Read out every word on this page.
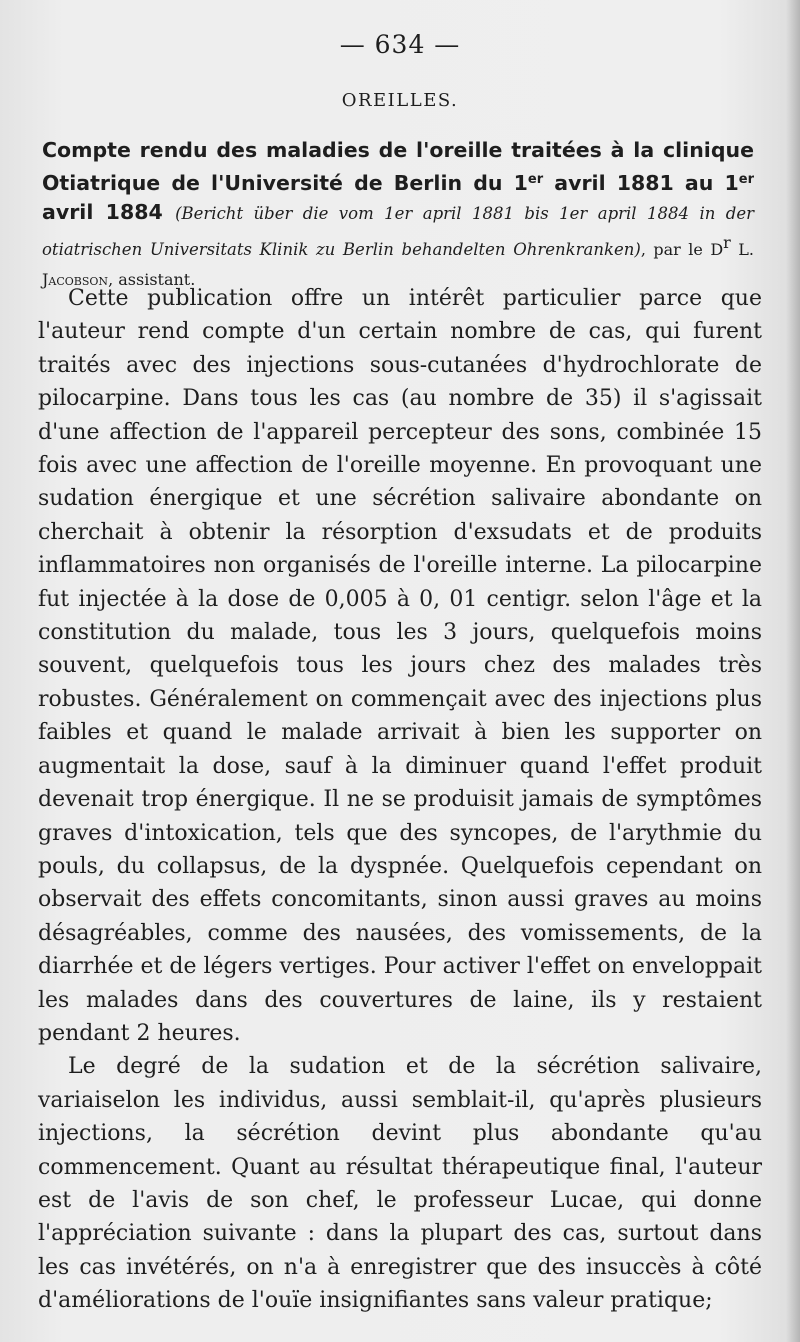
— 634 —
OREILLES.
Compte rendu des maladies de l'oreille traitées à la clinique Otiatrique de l'Université de Berlin du 1er avril 1881 au 1er avril 1884 (Bericht über die vom 1er april 1881 bis 1er april 1884 in der otiatrischen Universitats Klinik zu Berlin behandelten Ohrenkranken), par le $D^r$ L. Jacobson, assistant.

Cette publication offre un intérêt particulier parce que l'auteur rend compte d'un certain nombre de cas, qui furent traités avec des injections sous-cutanées d'hydrochlorate de pilocarpine. Dans tous les cas (au nombre de 35) il s'agissait d'une affection de l'appareil percepteur des sons, combinée 15 fois avec une affection de l'oreille moyenne. En provoquant une sudation énergique et une sécrétion salivaire abondante on cherchait à obtenir la résorption d'exsudats et de produits inflammatoires non organisés de l'oreille interne. La pilocarpine fut injectée à la dose de 0,005 à 0, 01 centigr. selon l'âge et la constitution du malade, tous les 3 jours, quelquefois moins souvent, quelquefois tous les jours chez des malades très robustes. Généralement on commençait avec des injections plus faibles et quand le malade arrivait à bien les supporter on augmentait la dose, sauf à la diminuer quand l'effet produit devenait trop énergique. Il ne se produisit jamais de symptômes graves d'intoxication, tels que des syncopes, de l'arythmie du pouls, du collapsus, de la dyspnée. Quelquefois cependant on observait des effets concomitants, sinon aussi graves au moins désagréables, comme des nausées, des vomissements, de la diarrhée et de légers vertiges. Pour activer l'effet on enveloppait les malades dans des couvertures de laine, ils y restaient pendant 2 heures.

Le degré de la sudation et de la sécrétion salivaire, variaiselon les individus, aussi semblait-il, qu'après plusieurs injections, la sécrétion devint plus abondante qu'au commencement. Quant au résultat thérapeutique final, l'auteur est de l'avis de son chef, le professeur Lucae, qui donne l'appréciation suivante : dans la plupart des cas, surtout dans les cas invétérés, on n'a à enregistrer que des insuccès à côté d'améliorations de l'ouïe insignifiantes sans valeur pratique;
